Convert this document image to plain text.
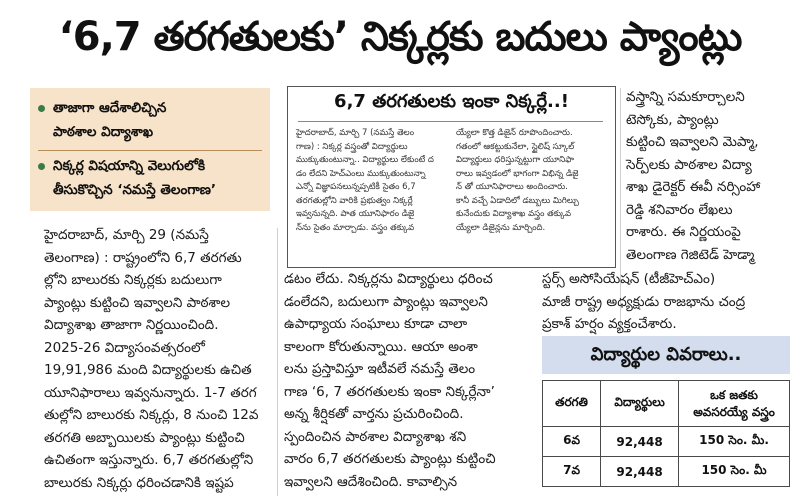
‘6,7 తరగతులకు’ నిక్కర్లకు బదులు ప్యాంట్లు
తాజాగా ఆదేశాలిచ్చిన
పాఠశాల విద్యాశాఖ
నిక్కర్ల విషయాన్ని వెలుగులోకి
తీసుకొచ్చిన ‘నమస్తే తెలంగాణ’
హైదరాబాద్, మార్చి 29 (నమస్తే
తెలంగాణ) : రాష్ట్రంలోని 6,7 తరగతు
ల్లోని బాలురకు నిక్కర్లకు బదులుగా
ప్యాంట్లు కుట్టించి ఇవ్వాలని పాఠశాల
విద్యాశాఖ తాజాగా నిర్ణయించింది.
2025-26 విద్యాసంవత్సరంలో
19,91,986 మంది విద్యార్థులకు ఉచిత
యూనిఫారాలు ఇవ్వనున్నారు. 1-7 తరగ
తుల్లోని బాలురకు నిక్కర్లు, 8 నుంచి 12వ
తరగతి అబ్బాయిలకు ప్యాంట్లు కుట్టించి
ఉచితంగా ఇస్తున్నారు. 6,7 తరగతుల్లోని
బాలురకు నిక్కర్లు ధరించడానికి ఇష్టప
6,7 తరగతులకు ఇంకా నిక్కర్లే..!
హైదరాబాద్, మార్చి 7 (నమస్తే తెలం
గాణ) : నిక్కర్ల వస్త్రంతో విద్యార్థులు
ముక్కుతుంటున్నా.. విద్యార్థులు లేకుంటే ద
డం లేదని హెచ్‌ఎంలు ముక్కుతుంటున్నా
ఎన్నో విజ్ఞాపనలున్నప్పటికీ సైతం 6,7
తరగతుల్లోని వారికి ప్రభుత్వం నిక్కర్లే
ఇవ్వనున్నది. పాత యూనిఫారం డిజై
న్‌ను సైతం మార్చాడు. వస్త్రం తక్కువ
య్యేలా కొత్త డిజైన్ రూపొందించారు.
గతంలో ఆకట్టుకునేలా, స్టైలిష్ స్కూల్
విద్యార్థులు ధరిస్తున్నట్టుగా యూనిఫా
రాలు ఇవ్వడంలో భాగంగా విభిన్న డిజై
న్‌ తో యూనిఫారాలు అందించారు.
కానీ వచ్చే ఏడాదిలో డబ్బులు మిగిల్చు
కునేందుకు విద్యాశాఖ వస్త్రం తక్కువ
య్యేలా డిజైన్లను మార్చింది.
డటం లేదు. నిక్కర్లను విద్యార్థులు ధరించ
డంలేదని, బదులుగా ప్యాంట్లు ఇవ్వాలని
ఉపాధ్యాయ సంఘాలు కూడా చాలా
కాలంగా కోరుతున్నాయి. ఆయా అంశా
లను ప్రస్తావిస్తూ ఇటీవలే నమస్తే తెలం
గాణ ‘6, 7 తరగతులకు ఇంకా నిక్కర్లేనా’
అన్న శీర్షికతో వార్తను ప్రచురించింది.
స్పందించిన పాఠశాల విద్యాశాఖ శని
వారం 6,7 తరగతులకు ప్యాంట్లు కుట్టించి
ఇవ్వాలని ఆదేశించింది. కావాల్సిన
వస్త్రాన్ని సమకూర్చాలని
టెస్కోకు, ప్యాంట్లు
కుట్టించి ఇవ్వాలని మెప్మా,
సెర్ప్‌లకు పాఠశాల విద్యా
శాఖ డైరెక్టర్ ఈవీ నర్సింహా
రెడ్డి శనివారం లేఖలు
రాశారు. ఈ నిర్ణయంపై
తెలంగాణ గెజిటెడ్ హెడ్మా
స్టర్స్ అసోసియేషన్ (టీజీహెచ్ఎం)
మాజీ రాష్ట్ర అధ్యక్షుడు రాజభాను చంద్ర
ప్రకాశ్ హర్షం వ్యక్తంచేశారు.
విద్యార్థుల వివరాలు..
తరగతి	విద్యార్థులు	ఒక జతకు
అవసరయ్యే వస్త్రం

6వ	92,448	150 సెం. మీ.
7వ	92,448	150 సెం. మీ
